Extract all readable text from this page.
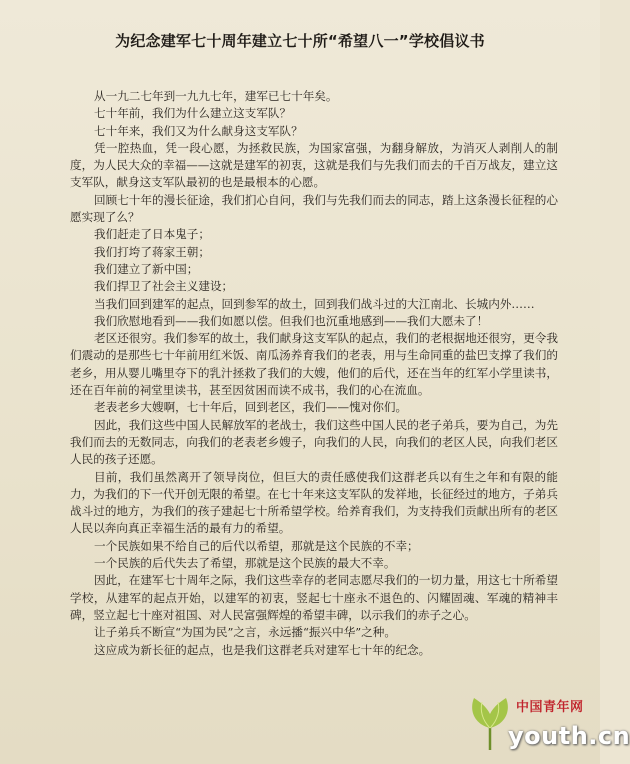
为纪念建军七十周年建立七十所“希望八一”学校倡议书

从一九二七年到一九九七年，建军已七十年矣。

七十年前，我们为什么建立这支军队？

七十年来，我们又为什么献身这支军队？

凭一腔热血，凭一段心愿，为拯救民族，为国家富强，为翻身解放，为消灭人剥削人的制度，为人民大众的幸福——这就是建军的初衷，这就是我们与先我们而去的千百万战友，建立这支军队，献身这支军队最初的也是最根本的心愿。

回顾七十年的漫长征途，我们扪心自问，我们与先我们而去的同志，踏上这条漫长征程的心愿实现了么？

我们赶走了日本鬼子；

我们打垮了蒋家王朝；

我们建立了新中国；

我们捍卫了社会主义建设；

当我们回到建军的起点，回到参军的故土，回到我们战斗过的大江南北、长城内外……

我们欣慰地看到——我们如愿以偿。但我们也沉重地感到——我们大愿未了！

老区还很穷。我们参军的故土，我们献身这支军队的起点，我们的老根据地还很穷，更令我们震动的是那些七十年前用红米饭、南瓜汤养育我们的老表，用与生命同重的盐巴支撑了我们的老乡，用从婴儿嘴里夺下的乳汁拯救了我们的大嫂，他们的后代，还在当年的红军小学里读书，还在百年前的祠堂里读书，甚至因贫困而读不成书，我们的心在流血。

老表老乡大嫂啊，七十年后，回到老区，我们——愧对你们。

因此，我们这些中国人民解放军的老战士，我们这些中国人民的老子弟兵，要为自己，为先我们而去的无数同志，向我们的老表老乡嫂子，向我们的人民，向我们的老区人民，向我们老区人民的孩子还愿。

目前，我们虽然离开了领导岗位，但巨大的责任感使我们这群老兵以有生之年和有限的能力，为我们的下一代开创无限的希望。在七十年来这支军队的发祥地，长征经过的地方，子弟兵战斗过的地方，为我们的孩子建起七十所希望学校。给养育我们，为支持我们贡献出所有的老区人民以奔向真正幸福生活的最有力的希望。

一个民族如果不给自己的后代以希望，那就是这个民族的不幸；

一个民族的后代失去了希望，那就是这个民族的最大不幸。

因此，在建军七十周年之际，我们这些幸存的老同志愿尽我们的一切力量，用这七十所希望学校，从建军的起点开始，以建军的初衷，竖起七十座永不退色的、闪耀固魂、军魂的精神丰碑，竖立起七十座对祖国、对人民富强辉煌的希望丰碑，以示我们的赤子之心。

让子弟兵不断宣“为国为民”之言，永远播“振兴中华”之种。

这应成为新长征的起点，也是我们这群老兵对建军七十年的纪念。

中国青年网
youth.cn
